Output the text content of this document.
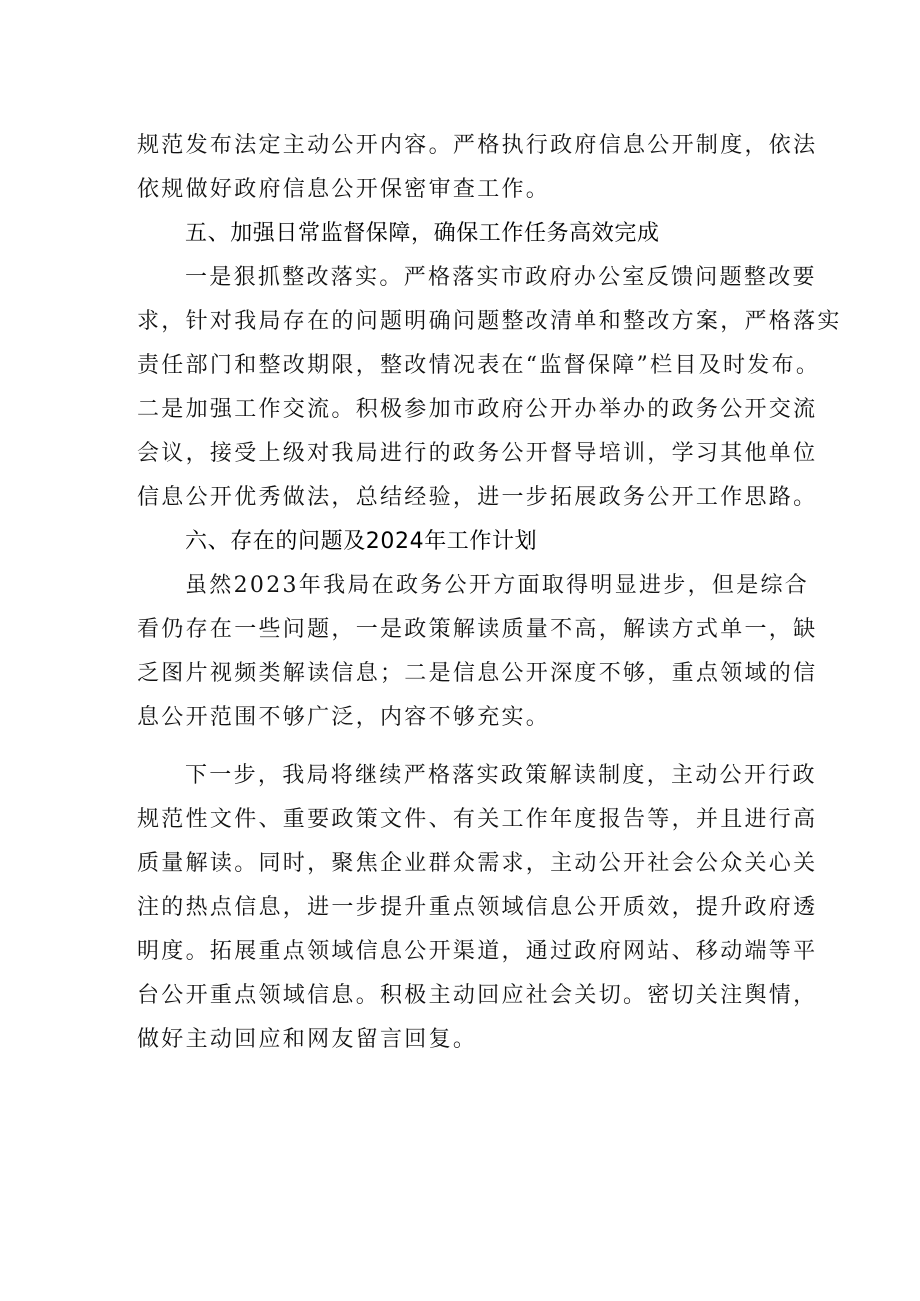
规范发布法定主动公开内容。严格执行政府信息公开制度，依法
依规做好政府信息公开保密审查工作。
五、加强日常监督保障，确保工作任务高效完成
一是狠抓整改落实。严格落实市政府办公室反馈问题整改要
求，针对我局存在的问题明确问题整改清单和整改方案，严格落实
责任部门和整改期限，整改情况表在“监督保障”栏目及时发布。
二是加强工作交流。积极参加市政府公开办举办的政务公开交流
会议，接受上级对我局进行的政务公开督导培训，学习其他单位
信息公开优秀做法，总结经验，进一步拓展政务公开工作思路。
六、存在的问题及2024年工作计划
虽然2023年我局在政务公开方面取得明显进步，但是综合
看仍存在一些问题，一是政策解读质量不高，解读方式单一，缺
乏图片视频类解读信息；二是信息公开深度不够，重点领域的信
息公开范围不够广泛，内容不够充实。
下一步，我局将继续严格落实政策解读制度，主动公开行政
规范性文件、重要政策文件、有关工作年度报告等，并且进行高
质量解读。同时，聚焦企业群众需求，主动公开社会公众关心关
注的热点信息，进一步提升重点领域信息公开质效，提升政府透
明度。拓展重点领域信息公开渠道，通过政府网站、移动端等平
台公开重点领域信息。积极主动回应社会关切。密切关注舆情，
做好主动回应和网友留言回复。
